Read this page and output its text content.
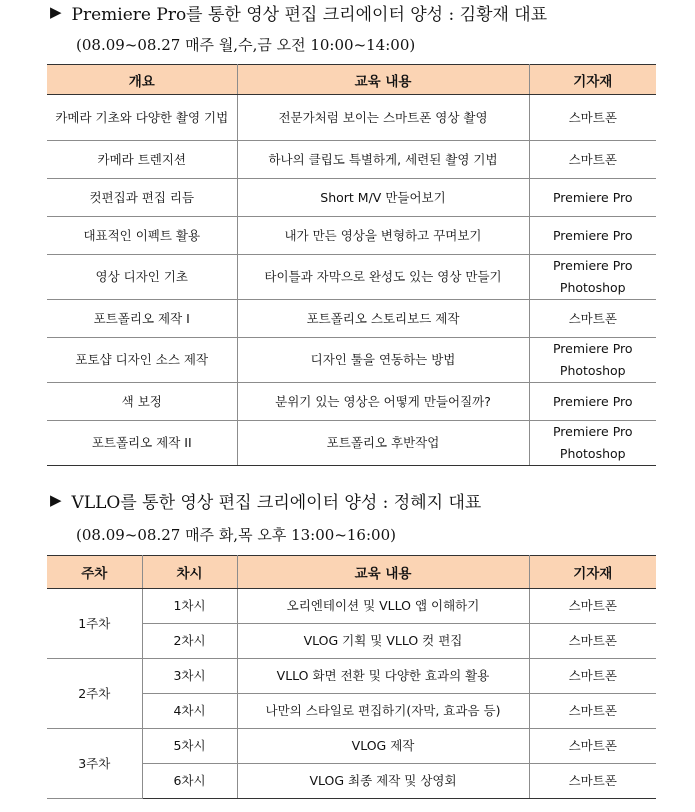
▶ Premiere Pro를 통한 영상 편집 크리에이터 양성 : 김황재 대표

(08.09~08.27 매주 월,수,금 오전 10:00~14:00)

개요	교육 내용	기자재
카메라 기초와 다양한 촬영 기법	전문가처럼 보이는 스마트폰 영상 촬영	스마트폰
카메라 트렌지션	하나의 클립도 특별하게, 세련된 촬영 기법	스마트폰
컷편집과 편집 리듬	Short M/V 만들어보기	Premiere Pro
대표적인 이펙트 활용	내가 만든 영상을 변형하고 꾸며보기	Premiere Pro
영상 디자인 기초	타이틀과 자막으로 완성도 있는 영상 만들기	Premiere Pro Photoshop
포트폴리오 제작 I	포트폴리오 스토리보드 제작	스마트폰
포토샵 디자인 소스 제작	디자인 툴을 연동하는 방법	Premiere Pro Photoshop
색 보정	분위기 있는 영상은 어떻게 만들어질까?	Premiere Pro
포트폴리오 제작 II	포트폴리오 후반작업	Premiere Pro Photoshop
▶ VLLO를 통한 영상 편집 크리에이터 양성 : 정혜지 대표

(08.09~08.27 매주 화,목 오후 13:00~16:00)

주차	차시	교육 내용	기자재
1주차	1차시	오리엔테이션 및 VLLO 앱 이해하기	스마트폰
	2차시	VLOG 기획 및 VLLO 컷 편집	스마트폰
2주차	3차시	VLLO 화면 전환 및 다양한 효과의 활용	스마트폰
	4차시	나만의 스타일로 편집하기(자막, 효과음 등)	스마트폰
3주차	5차시	VLOG 제작	스마트폰
	6차시	VLOG 최종 제작 및 상영회	스마트폰
